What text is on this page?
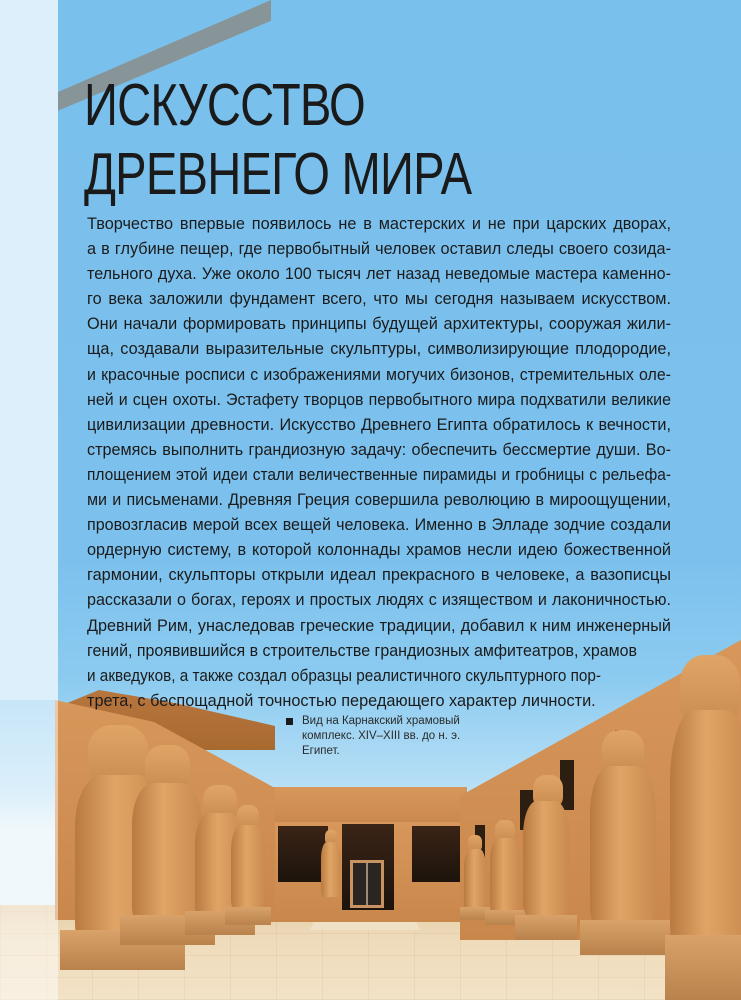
ИСКУССТВО
ДРЕВНЕГО МИРА
Творчество впервые появилось не в мастерских и не при царских дворах,
а в глубине пещер, где первобытный человек оставил следы своего созида-
тельного духа. Уже около 100 тысяч лет назад неведомые мастера каменно-
го века заложили фундамент всего, что мы сегодня называем искусством.
Они начали формировать принципы будущей архитектуры, сооружая жили-
ща, создавали выразительные скульптуры, символизирующие плодородие,
и красочные росписи с изображениями могучих бизонов, стремительных оле-
ней и сцен охоты. Эстафету творцов первобытного мира подхватили великие
цивилизации древности. Искусство Древнего Египта обратилось к вечности,
стремясь выполнить грандиозную задачу: обеспечить бессмертие души. Во-
площением этой идеи стали величественные пирамиды и гробницы с рельефа-
ми и письменами. Древняя Греция совершила революцию в мироощущении,
провозгласив мерой всех вещей человека. Именно в Элладе зодчие создали
ордерную систему, в которой колоннады храмов несли идею божественной
гармонии, скульпторы открыли идеал прекрасного в человеке, а вазописцы
рассказали о богах, героях и простых людях с изяществом и лаконичностью.
Древний Рим, унаследовав греческие традиции, добавил к ним инженерный
гений, проявившийся в строительстве грандиозных амфитеатров, храмов
и акведуков, а также создал образцы реалистичного скульптурного пор-
трета, с беспощадной точностью передающего характер личности.
Вид на Карнакский храмовый
комплекс. XIV–XIII вв. до н. э.
Египет.
